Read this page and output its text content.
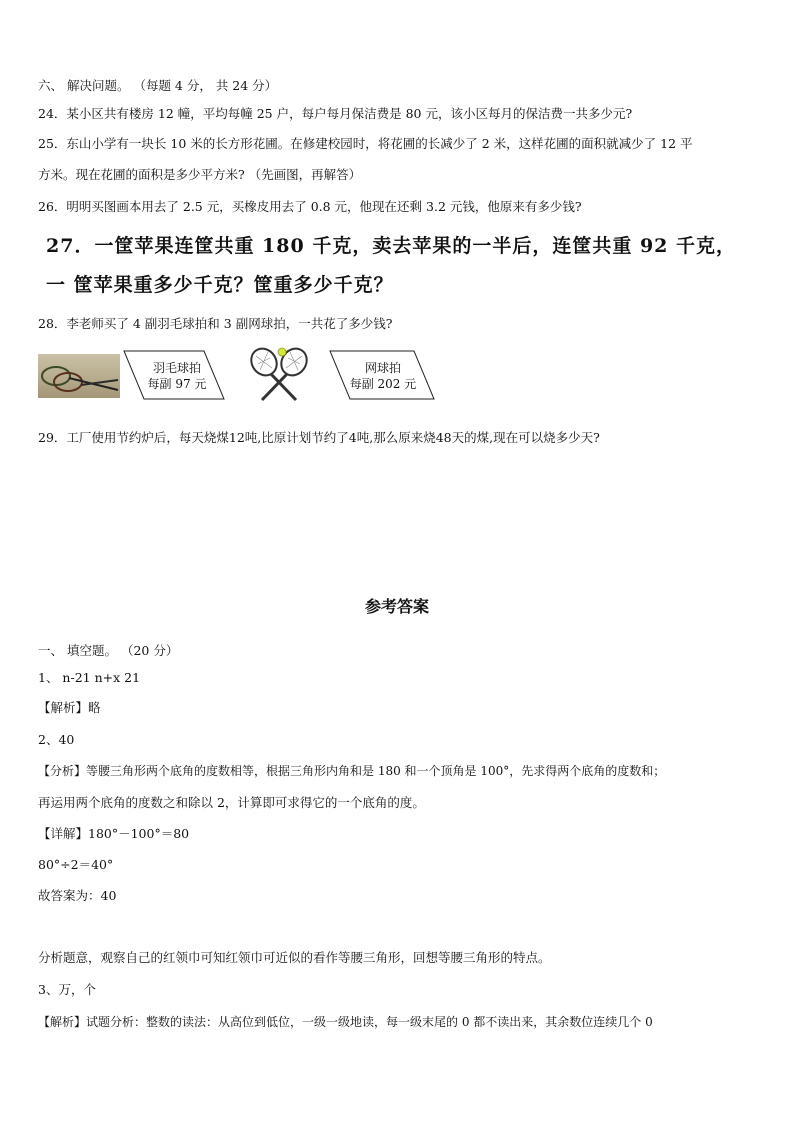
六、 解决问题。 （每题 4 分， 共 24 分）
24．某小区共有楼房 12 幢，平均每幢 25 户，每户每月保洁费是 80 元，该小区每月的保洁费一共多少元?
25．东山小学有一块长 10 米的长方形花圃。在修建校园时，将花圃的长减少了 2 米，这样花圃的面积就减少了 12 平
方米。现在花圃的面积是多少平方米? （先画图，再解答）
26．明明买图画本用去了 2.5 元，买橡皮用去了 0.8 元，他现在还剩 3.2 元钱，他原来有多少钱?
27．一筐苹果连筐共重 180 千克，卖去苹果的一半后，连筐共重 92 千克，
一 筐苹果重多少千克？筐重多少千克？
28．李老师买了 4 副羽毛球拍和 3 副网球拍，一共花了多少钱?
羽毛球拍
每副 97 元
网球拍
每副 202 元
29．工厂使用节约炉后，每天烧煤12吨,比原计划节约了4吨,那么原来烧48天的煤,现在可以烧多少天?
参考答案
一、 填空题。 （20 分）
1、 n-21 n+x 21
【解析】略
2、40
【分析】等腰三角形两个底角的度数相等，根据三角形内角和是 180 和一个顶角是 100°，先求得两个底角的度数和；
再运用两个底角的度数之和除以 2，计算即可求得它的一个底角的度。
【详解】180°－100°＝80
80°÷2＝40°
故答案为：40
分析题意，观察自己的红领巾可知红领巾可近似的看作等腰三角形，回想等腰三角形的特点。
3、万，个
【解析】试题分析：整数的读法：从高位到低位，一级一级地读，每一级末尾的 0 都不读出来，其余数位连续几个 0
